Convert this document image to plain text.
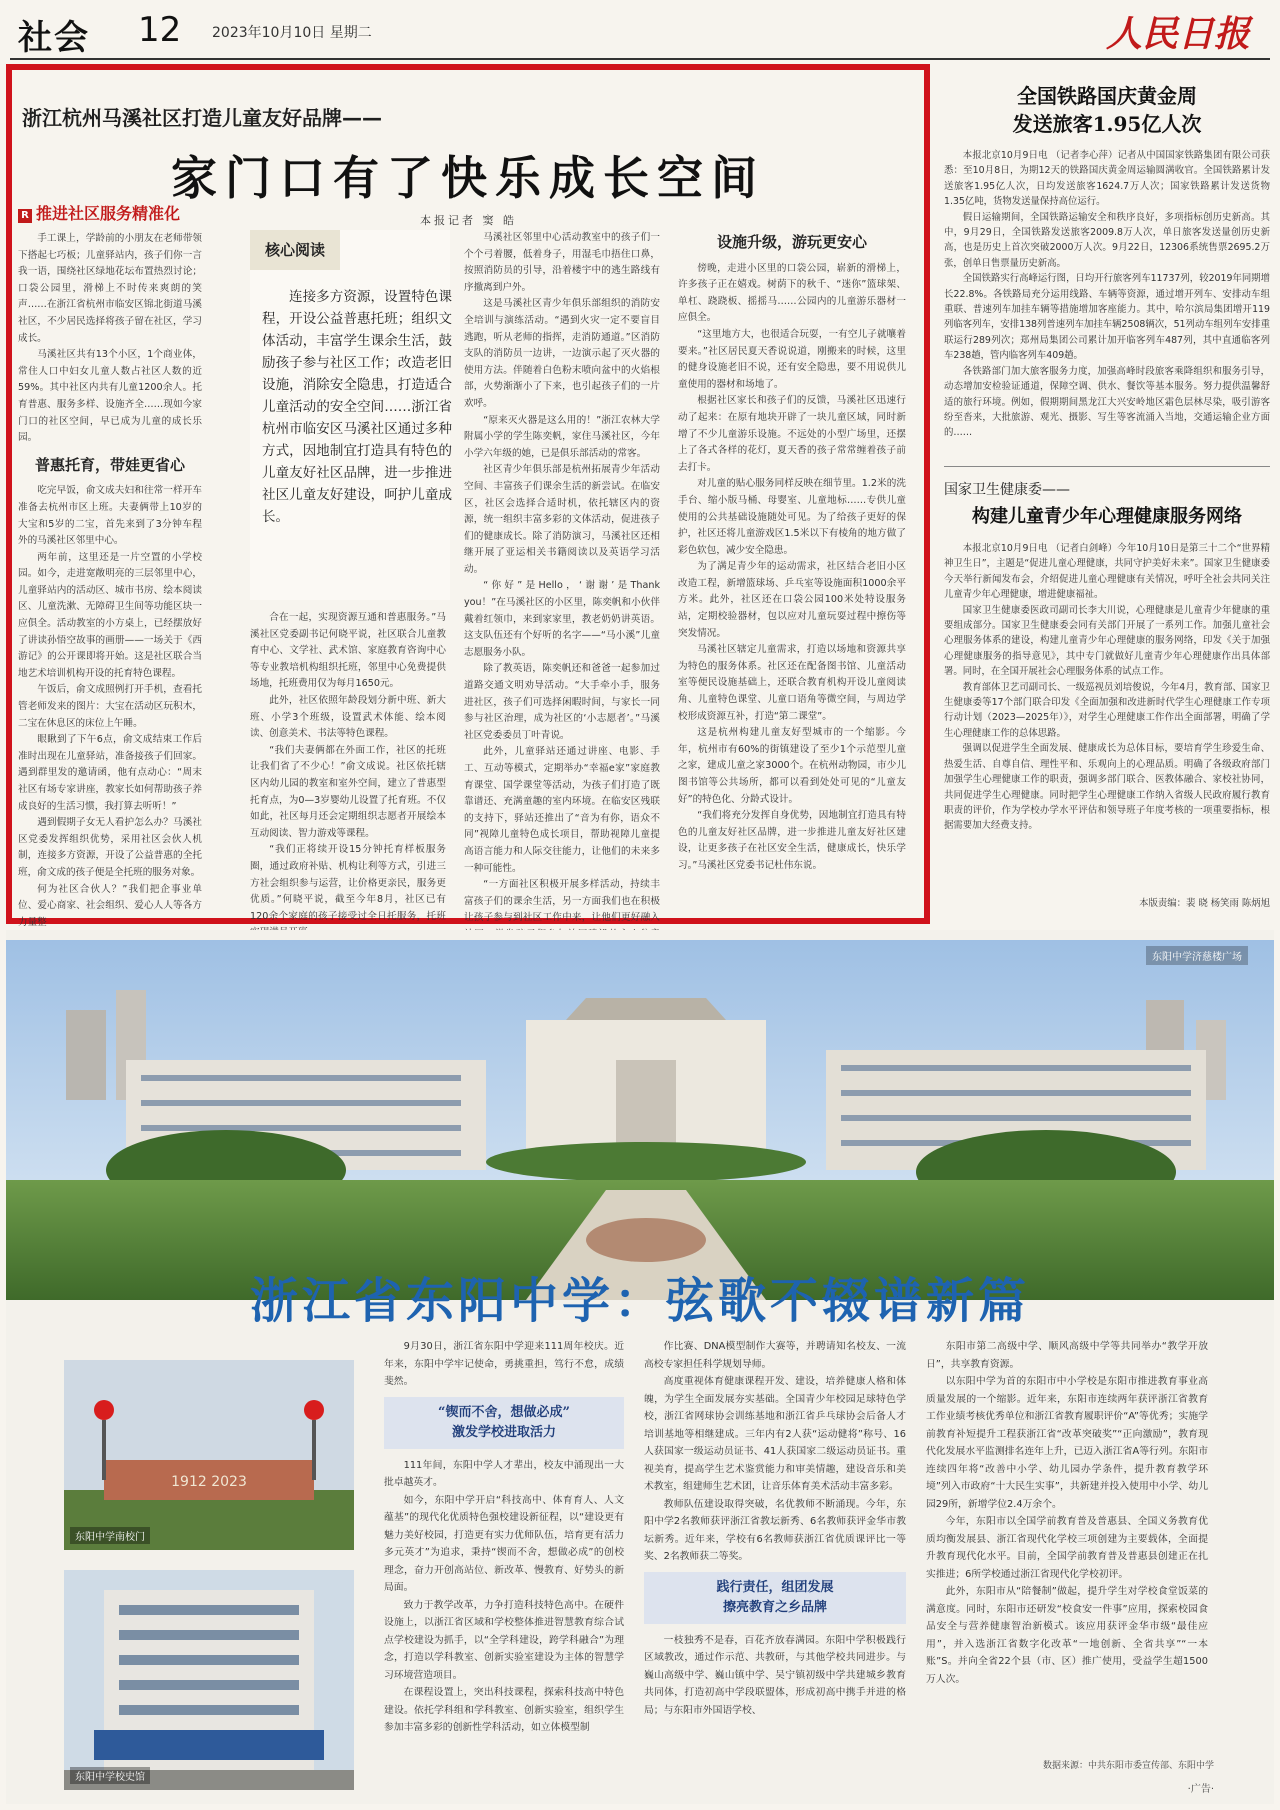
社会 12 2023年10月10日 星期二	人民日报
浙江杭州马溪社区打造儿童友好品牌——
家门口有了快乐成长空间
本报记者 窦 皓
R 推进社区服务精准化

手工课上，学龄前的小朋友在老师带领下搭起七巧板；儿童驿站内，孩子们你一言我一语，围绕社区绿地花坛布置热烈讨论；口袋公园里，滑梯上不时传来爽朗的笑声……在浙江省杭州市临安区锦北街道马溪社区，不少居民选择将孩子留在社区，学习成长。

马溪社区共有13个小区，1个商业体，常住人口中妇女儿童人数占社区人数的近59%。其中社区内共有儿童1200余人。托育普惠、服务多样、设施齐全……现如今家门口的社区空间，早已成为儿童的成长乐园。

普惠托育，带娃更省心

吃完早饭，俞文成夫妇和往常一样开车准备去杭州市区上班。夫妻俩带上10岁的大宝和5岁的二宝，首先来到了3分钟车程外的马溪社区邻里中心。

两年前，这里还是一片空置的小学校园。如今，走进宽敞明亮的三层邻里中心，儿童驿站内的活动区、城市书房、绘本阅读区、儿童洗漱、无障碍卫生间等功能区块一应俱全。活动教室的小方桌上，已经摆放好了讲读孙悟空故事的画册——一场关于《西游记》的公开课即将开始。这是社区联合当地艺术培训机构开设的托育特色课程。

午饭后，俞文成照例打开手机，查看托管老师发来的图片：大宝在活动区玩积木，二宝在休息区的床位上午睡。

眼瞅到了下午6点，俞文成结束工作后准时出现在儿童驿站，准备接孩子们回家。遇到群里发的邀请函，他有点动心：“周末社区有场专家讲座，教家长如何帮助孩子养成良好的生活习惯，我打算去听听！”

遇到假期子女无人看护怎么办？马溪社区党委发挥组织优势，采用社区会伙人机制，连接多方资源，开设了公益普惠的全托班，俞文成的孩子便是全托班的服务对象。

何为社区合伙人？”我们把企事业单位、爱心商家、社会组织、爱心人人等各方力量整

核心阅读

连接多方资源，设置特色课程，开设公益普惠托班；组织文体活动，丰富学生课余生活，鼓励孩子参与社区工作；改造老旧设施，消除安全隐患，打造适合儿童活动的安全空间……浙江省杭州市临安区马溪社区通过多种方式，因地制宜打造具有特色的儿童友好社区品牌，进一步推进社区儿童友好建设，呵护儿童成长。

合在一起，实现资源互通和普惠服务。”马溪社区党委副书记何晓平说，社区联合儿童教育中心、文学社、武术馆、家庭教育咨询中心等专业教培机构组织托班，邻里中心免费提供场地，托班费用仅为每月1650元。

此外，社区依照年龄段划分新中班、新大班、小学3个班级，设置武术体能、绘本阅读、创意美术、书法等特色课程。

“我们夫妻俩都在外面工作，社区的托班让我们省了不少心！”俞文成说。社区依托辖区内幼儿园的教室和室外空间，建立了普惠型托育点，为0—3岁婴幼儿设置了托育班。不仅如此，社区每月还会定期组织志愿者开展绘本互动阅读、智力游戏等课程。

“我们正将续开设15分钟托育样板服务圈，通过政府补贴、机构让利等方式，引进三方社会组织参与运营，让价格更亲民，服务更优质。”何晓平说，截至今年8月，社区已有120余个家庭的孩子接受过全日托服务，托班

马溪社区邻里中心活动教室中的孩子们一个个弓着腰，低着身子，用湿毛巾捂住口鼻，按照消防员的引导，沿着楼宇中的逃生路线有序撤离到户外。

这是马溪社区青少年俱乐部组织的消防安全培训与演练活动。“遇到火灾一定不要盲目逃跑，听从老师的指挥，走消防通道。”区消防支队的消防员一边讲，一边演示起了灭火器的使用方法。伴随着白色粉末喷向盆中的火焰根部，火势渐渐小了下来，也引起孩子们的一片欢呼。

“原来灭火器是这么用的！”浙江农林大学附属小学的学生陈奕帆，家住马溪社区，今年小学六年级的她，已是俱乐部活动的常客。

社区青少年俱乐部是杭州拓展青少年活动空间、丰富孩子们课余生活的新尝试。在临安区，社区会选择合适时机，依托辖区内的资源，统一组织丰富多彩的文体活动，促进孩子们的健康成长。除了消防演习，马溪社区还相继开展了亚运相关书籍阅读以及英语学习活动。

“你好”是Hello，‘谢谢’是Thank you！”在马溪社区的小区里，陈奕帆和小伙伴戴着红领巾，来到家家里，教老奶奶讲英语。这支队伍还有个好听的名字——“马小溪”儿童志愿服务小队。

除了教英语，陈奕帆还和爸爸一起参加过道路交通文明劝导活动。“大手牵小手，服务进社区，孩子们可选择闲暇时间，与家长一同参与社区治理，成为社区的‘小志愿者’。”马溪社区党委委员丁叶青说。

此外，儿童驿站还通过讲座、电影、手工、互动等模式，定期举办“幸福e家”家庭教育课堂、国学课堂等活动，为孩子们打造了既靠谱还、充满童趣的室内环境。在临安区残联的支持下，驿站还推出了“音为有你，语众不同”视障儿童特色成长项目，帮助视障儿童提高语言能力和人际交往能力，让他们的未来多一种可能性。

“一方面社区积极开展多样活动，持续丰富孩子们的课余生活，另一方面我们也在积极让孩子参与到社区工作中来，让他们更好融入

设施升级，游玩更安心

傍晚，走进小区里的口袋公园，崭新的滑梯上，许多孩子正在嬉戏。树荫下的秋千、“迷你”篮球架、单杠、跷跷板、摇摇马……公园内的儿童游乐器材一应俱全。

“这里地方大，也很适合玩耍，一有空儿子就嚷着要来。”社区居民夏天香说说道，刚搬来的时候，这里的健身设施老旧不说，还有安全隐患，要不用说供儿童使用的器材和场地了。

根据社区家长和孩子们的反馈，马溪社区迅速行动了起来：在原有地块开辟了一块儿童区域，同时新增了不少儿童游乐设施。不远处的小型广场里，还摆上了各式各样的花灯，夏天香的孩子常常缠着孩子前去打卡。

对儿童的贴心服务同样反映在细节里。1.2米的洗手台、缩小版马桶、母婴室、儿童地标……专供儿童使用的公共基础设施随处可见。为了给孩子更好的保护，社区还将儿童游戏区1.5米以下有棱角的地方做了彩色软包，减少安全隐患。

为了满足青少年的运动需求，社区结合老旧小区改造工程，新增篮球场、乒乓室等设施面积1000余平方米。此外，社区还在口袋公园100米处特设服务站，定期校验器材，包以应对儿童玩耍过程中擦伤等突发情况。

马溪社区辖定儿童需求，打造以场地和资源共享为特色的服务体系。社区还在配备图书馆、儿童活动室等便民设施基础上，还联合教育机构开设儿童阅读角、儿童特色课堂、儿童口语角等微空间，与周边学校形成资源互补，打造“第二课堂”。

这是杭州构建儿童友好型城市的一个缩影。今年，杭州市有60%的街镇建设了至少1个示范型儿童之家，建成儿童之家3000个。在杭州动物园，市少儿图书馆等公共场所，都可以看到处处可见的“儿童友好”的特色化、分龄式设计。

“我们将充分发挥自身优势，因地制宜打造具有特色的儿童友好社区品牌，进一步推进儿童友好社区建设，让更多孩子在社区安全生活，健康成长，快乐学习。”马溪社区党委书记杜伟东说。

全国铁路国庆黄金周
发送旅客1.95亿人次

本报北京10月9日电 （记者李心萍）记者从中国国家铁路集团有限公司获悉：至10月8日，为期12天的铁路国庆黄金周运输圆满收官。全国铁路累计发送旅客1.95亿人次，日均发送旅客1624.7万人次；国家铁路累计发送货物1.35亿吨，货物发送量保持高位运行。

假日运输期间，全国铁路运输安全和秩序良好，多项指标创历史新高。其中，9月29日，全国铁路发送旅客2009.8万人次，单日旅客发送量创历史新高，也是历史上首次突破2000万人次。9月22日，12306系统售票2695.2万张，创单日售票量历史新高。

全国铁路实行高峰运行图，日均开行旅客列车11737列，较2019年同期增长22.8%。各铁路局充分运用线路、车辆等资源，通过增开列车、安排动车组重联、普速列车加挂车辆等措施增加客座能力。其中，哈尔滨局集团增开119列临客列车，安排138列普速列车加挂车辆2508辆次，51列动车组列车安排重联运行289列次；郑州局集团公司累计加开临客列车487列，其中直通临客列车238趟，管内临客列车409趟。

各铁路部门加大旅客服务力度，加强高峰时段旅客乘降组织和服务引导，动态增加安检验证通道，保障空调、供水、餐饮等基本服务。努力提供温馨舒适的旅行环境。例如，假期期间黑龙江大兴安岭地区霜色层林尽染，吸引游客纷至沓来，大批旅游、观光、摄影、写生等客流涌入当地，交通运输企业方面的……

国家卫生健康委——
构建儿童青少年心理健康服务网络

本报北京10月9日电 （记者白剑峰）今年10月10日是第三十二个“世界精神卫生日”，主题是“促进儿童心理健康，共同守护美好未来”。国家卫生健康委今天举行新闻发布会，介绍促进儿童心理健康有关情况，呼吁全社会共同关注儿童青少年心理健康，增进健康福祉。

国家卫生健康委医政司副司长李大川说，心理健康是儿童青少年健康的重要组成部分。国家卫生健康委会同有关部门开展了一系列工作。加强儿童社会心理服务体系的建设，构建儿童青少年心理健康的服务网络，印发《关于加强心理健康服务的指导意见》，其中专门就做好儿童青少年心理健康作出具体部署。同时，在全国开展社会心理服务体系的试点工作。

教育部体卫艺司副司长、一级巡视员刘培俊说，今年4月，教育部、国家卫生健康委等17个部门联合印发《全面加强和改进新时代学生心理健康工作专项行动计划（2023—2025年）》，对学生心理健康工作作出全面部署，明确了学生心理健康工作的总体思路。

强调以促进学生全面发展、健康成长为总体目标，要培育学生珍爱生命、热爱生活、自尊自信、理性平和、乐观向上的心理品质。明确了各级政府部门加强学生心理健康工作的职责，强调多部门联合、医教体融合、家校社协同，共同促进学生心理健康。同时把学生心理健康工作纳入省级人民政府履行教育职责的评价，作为学校办学水平评估和领导班子年度考核的一项重要指标，根据需要加大经费支持。

本版责编：裴 晓 杨笑雨 陈炳旭
东阳中学济慈楼广场
浙江省东阳中学：弦歌不辍谱新篇
1912 2023
东阳中学南校门
东阳中学校史馆

9月30日，浙江省东阳中学迎来111周年校庆。近年来，东阳中学牢记使命，勇挑重担，笃行不怠，成绩斐然。

“锲而不舍，想做必成”
激发学校进取活力

111年间，东阳中学人才辈出，校友中涌现出一大批卓越英才。

如今，东阳中学开启“科技高中、体育育人、人文蕴基”的现代化优质特色强校建设新征程，以“建设更有魅力美好校园，打造更有实力优师队伍，培育更有活力多元英才”为追求，秉持“锲而不舍，想做必成”的创校理念，奋力开创高站位、新改革、慢教育、好势头的新局面。

致力于教学改革，力争打造科技特色高中。在硬件设施上，以浙江省区域和学校整体推进智慧教育综合试点学校建设为抓手，以“全学科建设，跨学科融合”为理念，打造以学科教室、创新实验室建设为主体的智慧学习环境营造项目。

在课程设置上，突出科技课程，探索科技高中特色建设。依托学科组和学科教室、创新实验室，组织学生参加丰富多彩的创新性学科活动，如立体模型制

作比赛、DNA模型制作大赛等，并聘请知名校友、一流高校专家担任科学规划导师。

高度重视体育健康课程开发、建设，培养健康人格和体魄，为学生全面发展夯实基础。全国青少年校园足球特色学校，浙江省网球协会训练基地和浙江省乒乓球协会后备人才培训基地等相继建成。三年内有2人获“运动健将”称号、16人获国家一级运动员证书、41人获国家二级运动员证书。重视美育，提高学生艺术鉴赏能力和审美情趣，建设音乐和美术教室，组建师生艺术团，让音乐体育美术活动丰富多彩。

教师队伍建设取得突破，名优教师不断涌现。今年，东阳中学2名教师获评浙江省教坛新秀、6名教师获评金华市教坛新秀。近年来，学校有6名教师获浙江省优质课评比一等奖、2名教师获二等奖。

践行责任，组团发展
擦亮教育之乡品牌

一枝独秀不是春，百花齐放春满园。东阳中学积极践行区域教改，通过作示范、共教研，与其他学校共同进步。与巍山高级中学、巍山镇中学、吴宁镇初级中学共建城乡教育共同体，打造初高中学段联盟体，形成初高中携手并进的格局；与东阳市外国语学校、

东阳市第二高级中学、顺风高级中学等共同举办“教学开放日”，共享教育资源。

以东阳中学为首的东阳市中小学校是东阳市推进教育事业高质量发展的一个缩影。近年来，东阳市连续两年获评浙江省教育工作业绩考核优秀单位和浙江省教育履职评价“A”等优秀；实施学前教育补短提升工程获浙江省“改革突破奖”“正向激励”，教育现代化发展水平监测排名连年上升，已迈入浙江省A等行列。东阳市连续四年将“改善中小学、幼儿园办学条件，提升教育教学环境”列入市政府“十大民生实事”，共新建并投入使用中小学、幼儿园29所，新增学位2.4万余个。

今年，东阳市以全国学前教育普及普惠县、全国义务教育优质均衡发展县、浙江省现代化学校三项创建为主要载体，全面提升教育现代化水平。目前，全国学前教育普及普惠县创建正在扎实推进；6所学校通过浙江省现代化学校初评。

此外，东阳市从“陪餐制”做起，提升学生对学校食堂饭菜的满意度。同时，东阳市还研发“校食安一件事”应用，探索校园食品安全与营养健康智治新模式。该应用获评金华市级“最佳应用”，并入选浙江省数字化改革“一地创新、全省共享”“一本账”S。并向全省22个县（市、区）推广使用，受益学生超1500万人次。

数据来源：中共东阳市委宣传部、东阳中学
·广告·
